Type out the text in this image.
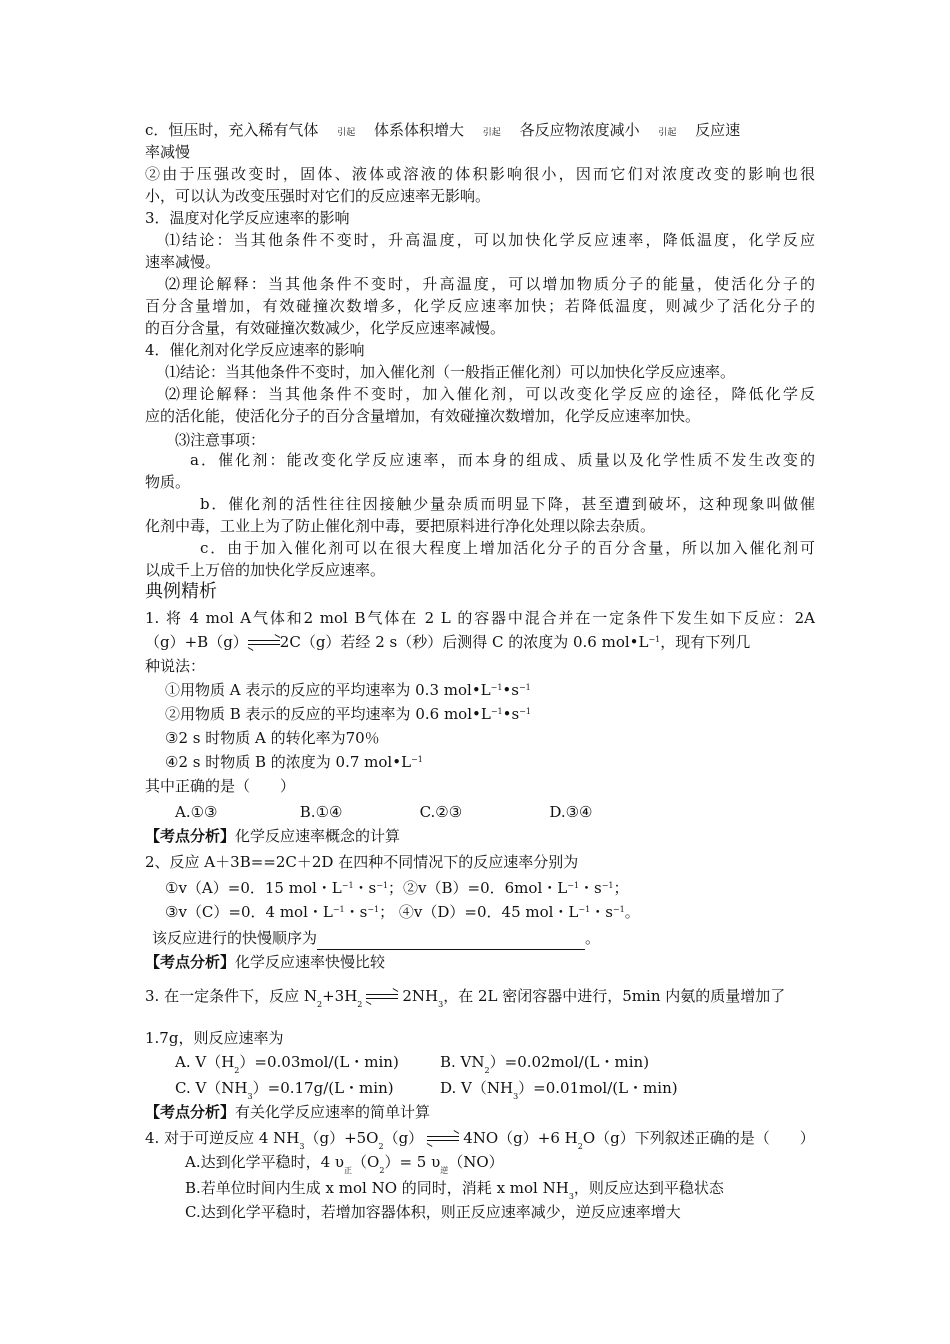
c．恒压时，充入稀有气体 引起 体系体积增大 引起 各反应物浓度减小 引起 反应速
率减慢
②由于压强改变时，固体、液体或溶液的体积影响很小，因而它们对浓度改变的影响也很
小，可以认为改变压强时对它们的反应速率无影响。
3．温度对化学反应速率的影响
⑴结论：当其他条件不变时，升高温度，可以加快化学反应速率，降低温度，化学反应
速率减慢。
⑵理论解释：当其他条件不变时，升高温度，可以增加物质分子的能量，使活化分子的
百分含量增加，有效碰撞次数增多，化学反应速率加快；若降低温度，则减少了活化分子的
的百分含量，有效碰撞次数减少，化学反应速率减慢。
4．催化剂对化学反应速率的影响
⑴结论：当其他条件不变时，加入催化剂（一般指正催化剂）可以加快化学反应速率。
⑵理论解释：当其他条件不变时，加入催化剂，可以改变化学反应的途径，降低化学反
应的活化能，使活化分子的百分含量增加，有效碰撞次数增加，化学反应速率加快。
⑶注意事项：
a．催化剂：能改变化学反应速率，而本身的组成、质量以及化学性质不发生改变的
物质。
b．催化剂的活性往往因接触少量杂质而明显下降，甚至遭到破坏，这种现象叫做催
化剂中毒，工业上为了防止催化剂中毒，要把原料进行净化处理以除去杂质。
c．由于加入催化剂可以在很大程度上增加活化分子的百分含量，所以加入催化剂可
以成千上万倍的加快化学反应速率。
典例精析
1. 将 4 mol A气体和2 mol B气体在 2 L 的容器中混合并在一定条件下发生如下反应：2A
（g）+B（g） 2C（g）若经 2 s（秒）后测得 C 的浓度为 0.6 $mol•L^{-1}$，现有下列几
种说法：
①用物质 A 表示的反应的平均速率为 0.3 $mol•L^{-1}•s^{-1}$
②用物质 B 表示的反应的平均速率为 0.6 $mol•L^{-1}•s^{-1}$
③2 s 时物质 A 的转化率为70％
④2 s 时物质 B 的浓度为 0.7 $mol•L^{-1}$
其中正确的是（　　）
A.①③	B.①④	C.②③	D.③④
【考点分析】化学反应速率概念的计算
2、反应 A＋3B==2C＋2D 在四种不同情况下的反应速率分别为
①v（A）=0．15 mol・$L^{-1}$・$s^{-1}$；②v（B）=0．6mol・$L^{-1}$・$s^{-1}$；
③v（C）=0．4 mol・$L^{-1}$・$s^{-1}$； ④v（D）=0．45 mol・$L^{-1}$・$s^{-1}$。
该反应进行的快慢顺序为	。
【考点分析】化学反应速率快慢比较
3. 在一定条件下，反应 $N_2+3H_2$	$2NH_3$，在 2L 密闭容器中进行，5min 内氨的质量增加了
1.7g，则反应速率为
A. $V(H_2)=0.03mol/(L$・min)	B. $VN_2)=0.02mol/(L$・min)
C. $V(NH_3)=0.17g/(L$・min)	D. $V(NH_3)=0.01mol/(L$・min)
【考点分析】有关化学反应速率的简单计算
4. 对于可逆反应 4 $NH_3(g)+5O_2(g)$	4NO（g）+6 $H_2O(g)$下列叙述正确的是（　　）
A.达到化学平稳时，4 $\upsilon_正(O_2)= 5$ $\upsilon_逆(NO)$
B.若单位时间内生成 x mol NO 的同时，消耗 x mol $NH_3$，则反应达到平稳状态
C.达到化学平稳时，若增加容器体积，则正反应速率减少，逆反应速率增大
